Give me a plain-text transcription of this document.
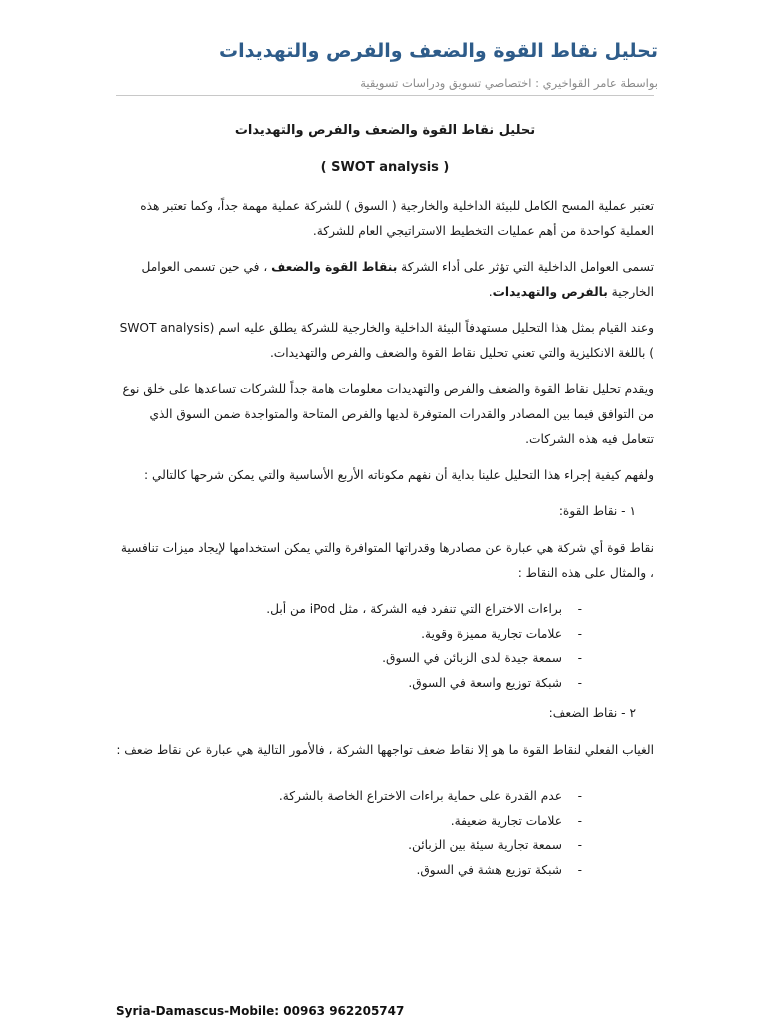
تحليل نقاط القوة والضعف والفرص والتهديدات
بواسطة عامر القواخيري : اختصاصي تسويق ودراسات تسويقية
تحليل نقاط القوة والضعف والفرص والتهديدات
( SWOT analysis )

تعتبر عملية المسح الكامل للبيئة الداخلية والخارجية ( السوق ) للشركة عملية مهمة جداً، وكما تعتبر هذه العملية كواحدة من أهم عمليات التخطيط الاستراتيجي العام للشركة.

تسمى العوامل الداخلية التي تؤثر على أداء الشركة بنقاط القوة والضعف ، في حين تسمى العوامل الخارجية بالفرص والتهديدات.

وعند القيام بمثل هذا التحليل مستهدفاً البيئة الداخلية والخارجية للشركة يطلق عليه اسم (SWOT analysis ) باللغة الانكليزية والتي تعني تحليل نقاط القوة والضعف والفرص والتهديدات.

ويقدم تحليل نقاط القوة والضعف والفرص والتهديدات معلومات هامة جداً للشركات تساعدها على خلق نوع من التوافق فيما بين المصادر والقدرات المتوفرة لديها والفرص المتاحة والمتواجدة ضمن السوق الذي تتعامل فيه هذه الشركات.

ولفهم كيفية إجراء هذا التحليل علينا بداية أن نفهم مكوناته الأربع الأساسية والتي يمكن شرحها كالتالي :

١ - نقاط القوة:

نقاط قوة أي شركة هي عبارة عن مصادرها وقدراتها المتوافرة والتي يمكن استخدامها لإيجاد ميزات تنافسية ، والمثال على هذه النقاط :

-
براءات الاختراع التي تنفرد فيه الشركة ، مثل iPod من أبل.
-
علامات تجارية مميزة وقوية.
-
سمعة جيدة لدى الزبائن في السوق.
-
شبكة توزيع واسعة في السوق.
٢ - نقاط الضعف:

الغياب الفعلي لنقاط القوة ما هو إلا نقاط ضعف تواجهها الشركة ، فالأمور التالية هي عبارة عن نقاط ضعف :

-
عدم القدرة على حماية براءات الاختراع الخاصة بالشركة.
-
علامات تجارية ضعيفة.
-
سمعة تجارية سيئة بين الزبائن.
-
شبكة توزيع هشة في السوق.
Syria-Damascus-Mobile: 00963 962205747
